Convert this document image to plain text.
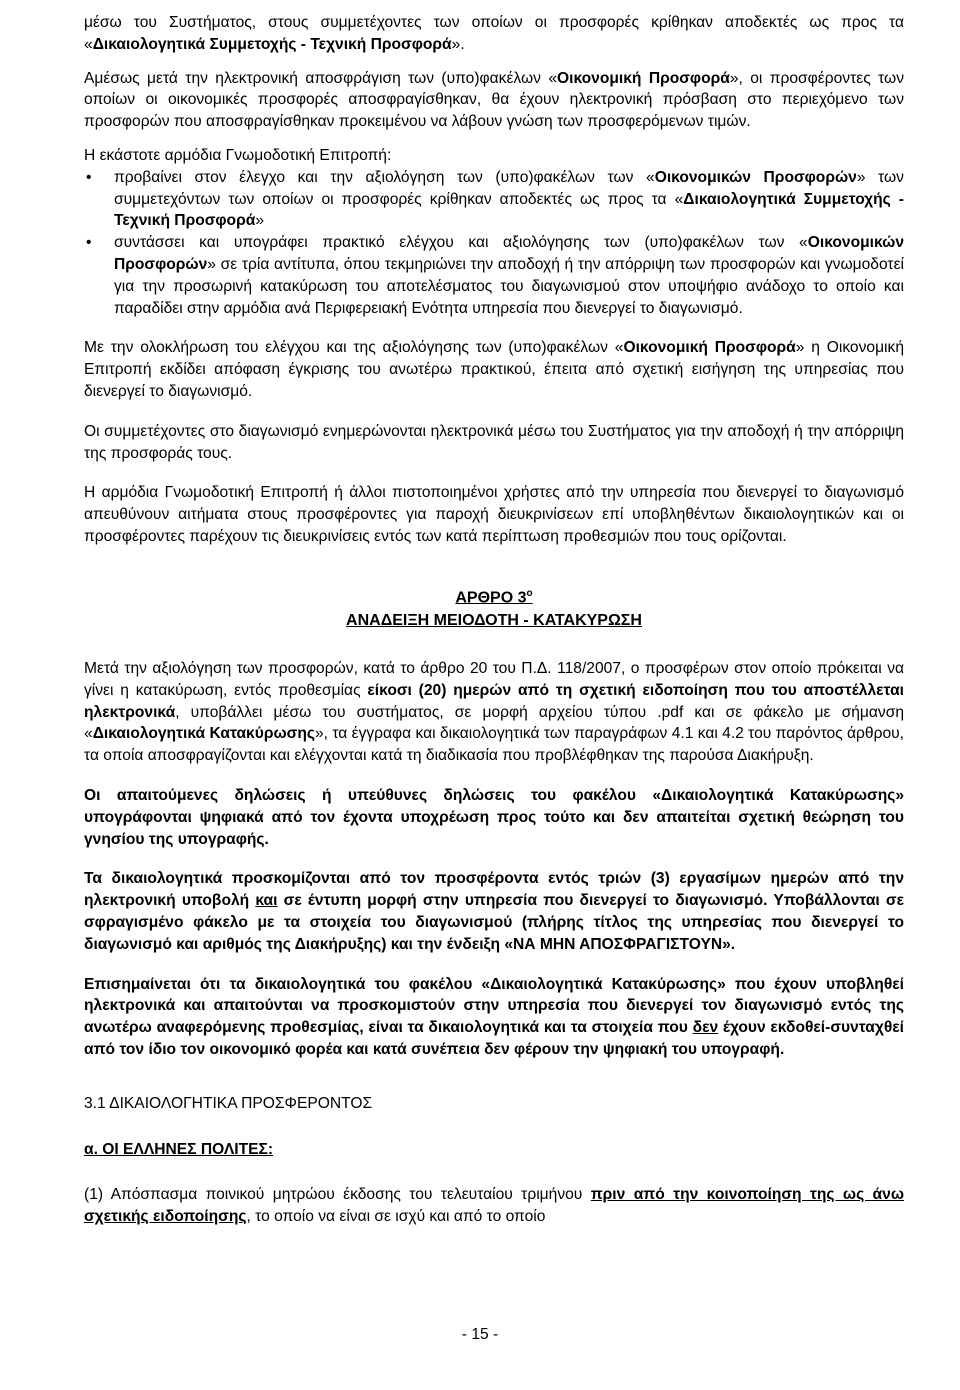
μέσω του Συστήματος, στους συμμετέχοντες των οποίων οι προσφορές κρίθηκαν αποδεκτές ως προς τα «Δικαιολογητικά Συμμετοχής - Τεχνική Προσφορά».

Αμέσως μετά την ηλεκτρονική αποσφράγιση των (υπο)φακέλων «Οικονομική Προσφορά», οι προσφέροντες των οποίων οι οικονομικές προσφορές αποσφραγίσθηκαν, θα έχουν ηλεκτρονική πρόσβαση στο περιεχόμενο των προσφορών που αποσφραγίσθηκαν προκειμένου να λάβουν γνώση των προσφερόμενων τιμών.

Η εκάστοτε αρμόδια Γνωμοδοτική Επιτροπή:

• προβαίνει στον έλεγχο και την αξιολόγηση των (υπο)φακέλων των «Οικονομικών Προσφορών» των συμμετεχόντων των οποίων οι προσφορές κρίθηκαν αποδεκτές ως προς τα «Δικαιολογητικά Συμμετοχής - Τεχνική Προσφορά»
• συντάσσει και υπογράφει πρακτικό ελέγχου και αξιολόγησης των (υπο)φακέλων των «Οικονομικών Προσφορών» σε τρία αντίτυπα, όπου τεκμηριώνει την αποδοχή ή την απόρριψη των προσφορών και γνωμοδοτεί για την προσωρινή κατακύρωση του αποτελέσματος του διαγωνισμού στον υποψήφιο ανάδοχο το οποίο και παραδίδει στην αρμόδια ανά Περιφερειακή Ενότητα υπηρεσία που διενεργεί το διαγωνισμό.

Με την ολοκλήρωση του ελέγχου και της αξιολόγησης των (υπο)φακέλων «Οικονομική Προσφορά» η Οικονομική Επιτροπή εκδίδει απόφαση έγκρισης του ανωτέρω πρακτικού, έπειτα από σχετική εισήγηση της υπηρεσίας που διενεργεί το διαγωνισμό.

Οι συμμετέχοντες στο διαγωνισμό ενημερώνονται ηλεκτρονικά μέσω του Συστήματος για την αποδοχή ή την απόρριψη της προσφοράς τους.

Η αρμόδια Γνωμοδοτική Επιτροπή ή άλλοι πιστοποιημένοι χρήστες από την υπηρεσία που διενεργεί το διαγωνισμό απευθύνουν αιτήματα στους προσφέροντες για παροχή διευκρινίσεων επί υποβληθέντων δικαιολογητικών και οι προσφέροντες παρέχουν τις διευκρινίσεις εντός των κατά περίπτωση προθεσμιών που τους ορίζονται.

ΑΡΘΡΟ $3^o$

ΑΝΑΔΕΙΞΗ ΜΕΙΟΔΟΤΗ - ΚΑΤΑΚΥΡΩΣΗ

Μετά την αξιολόγηση των προσφορών, κατά το άρθρο 20 του Π.Δ. 118/2007, ο προσφέρων στον οποίο πρόκειται να γίνει η κατακύρωση, εντός προθεσμίας είκοσι (20) ημερών από τη σχετική ειδοποίηση που του αποστέλλεται ηλεκτρονικά, υποβάλλει μέσω του συστήματος, σε μορφή αρχείου τύπου .pdf και σε φάκελο με σήμανση «Δικαιολογητικά Κατακύρωσης», τα έγγραφα και δικαιολογητικά των παραγράφων 4.1 και 4.2 του παρόντος άρθρου, τα οποία αποσφραγίζονται και ελέγχονται κατά τη διαδικασία που προβλέφθηκαν της παρούσα Διακήρυξη.

Οι απαιτούμενες δηλώσεις ή υπεύθυνες δηλώσεις του φακέλου «Δικαιολογητικά Κατακύρωσης» υπογράφονται ψηφιακά από τον έχοντα υποχρέωση προς τούτο και δεν απαιτείται σχετική θεώρηση του γνησίου της υπογραφής.

Τα δικαιολογητικά προσκομίζονται από τον προσφέροντα εντός τριών (3) εργασίμων ημερών από την ηλεκτρονική υποβολή και σε έντυπη μορφή στην υπηρεσία που διενεργεί το διαγωνισμό. Υποβάλλονται σε σφραγισμένο φάκελο με τα στοιχεία του διαγωνισμού (πλήρης τίτλος της υπηρεσίας που διενεργεί το διαγωνισμό και αριθμός της Διακήρυξης) και την ένδειξη «ΝΑ ΜΗΝ ΑΠΟΣΦΡΑΓΙΣΤΟΥΝ».

Επισημαίνεται ότι τα δικαιολογητικά του φακέλου «Δικαιολογητικά Κατακύρωσης» που έχουν υποβληθεί ηλεκτρονικά και απαιτούνται να προσκομιστούν στην υπηρεσία που διενεργεί τον διαγωνισμό εντός της ανωτέρω αναφερόμενης προθεσμίας, είναι τα δικαιολογητικά και τα στοιχεία που δεν έχουν εκδοθεί-συνταχθεί από τον ίδιο τον οικονομικό φορέα και κατά συνέπεια δεν φέρουν την ψηφιακή του υπογραφή.

3.1 ΔΙΚΑΙΟΛΟΓΗΤΙΚΑ ΠΡΟΣΦΕΡΟΝΤΟΣ

α. ΟΙ ΕΛΛΗΝΕΣ ΠΟΛΙΤΕΣ:

(1) Απόσπασμα ποινικού μητρώου έκδοσης του τελευταίου τριμήνου πριν από την κοινοποίηση της ως άνω σχετικής ειδοποίησης, το οποίο να είναι σε ισχύ και από το οποίο

- 15 -
